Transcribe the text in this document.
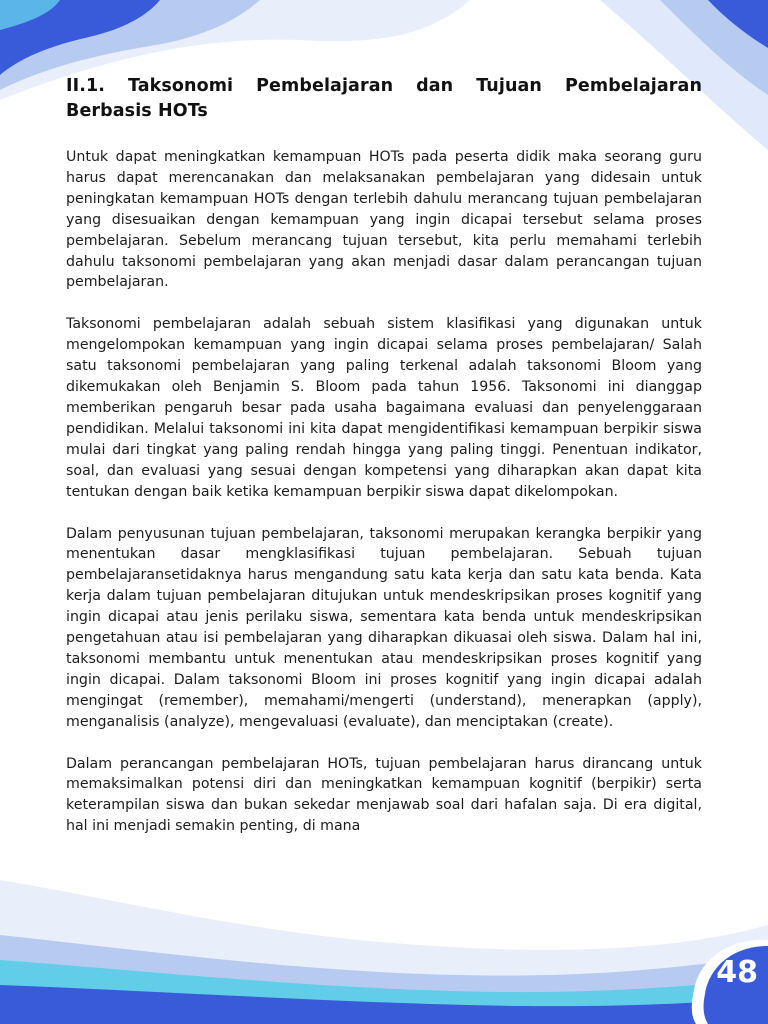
II.1. Taksonomi Pembelajaran dan Tujuan Pembelajaran Berbasis HOTs

Untuk dapat meningkatkan kemampuan HOTs pada peserta didik maka seorang guru harus dapat merencanakan dan melaksanakan pembelajaran yang didesain untuk peningkatan kemampuan HOTs dengan terlebih dahulu merancang tujuan pembelajaran yang disesuaikan dengan kemampuan yang ingin dicapai tersebut selama proses pembelajaran. Sebelum merancang tujuan tersebut, kita perlu memahami terlebih dahulu taksonomi pembelajaran yang akan menjadi dasar dalam perancangan tujuan pembelajaran.

Taksonomi pembelajaran adalah sebuah sistem klasifikasi yang digunakan untuk mengelompokan kemampuan yang ingin dicapai selama proses pembelajaran/ Salah satu taksonomi pembelajaran yang paling terkenal adalah taksonomi Bloom yang dikemukakan oleh Benjamin S. Bloom pada tahun 1956. Taksonomi ini dianggap memberikan pengaruh besar pada usaha bagaimana evaluasi dan penyelenggaraan pendidikan. Melalui taksonomi ini kita dapat mengidentifikasi kemampuan berpikir siswa mulai dari tingkat yang paling rendah hingga yang paling tinggi. Penentuan indikator, soal, dan evaluasi yang sesuai dengan kompetensi yang diharapkan akan dapat kita tentukan dengan baik ketika kemampuan berpikir siswa dapat dikelompokan.

Dalam penyusunan tujuan pembelajaran, taksonomi merupakan kerangka berpikir yang menentukan dasar mengklasifikasi tujuan pembelajaran. Sebuah tujuan pembelajaransetidaknya harus mengandung satu kata kerja dan satu kata benda. Kata kerja dalam tujuan pembelajaran ditujukan untuk mendeskripsikan proses kognitif yang ingin dicapai atau jenis perilaku siswa, sementara kata benda untuk mendeskripsikan pengetahuan atau isi pembelajaran yang diharapkan dikuasai oleh siswa. Dalam hal ini, taksonomi membantu untuk menentukan atau mendeskripsikan proses kognitif yang ingin dicapai. Dalam taksonomi Bloom ini proses kognitif yang ingin dicapai adalah mengingat (remember), memahami/mengerti (understand), menerapkan (apply), menganalisis (analyze), mengevaluasi (evaluate), dan menciptakan (create).

Dalam perancangan pembelajaran HOTs, tujuan pembelajaran harus dirancang untuk memaksimalkan potensi diri dan meningkatkan kemampuan kognitif (berpikir) serta keterampilan siswa dan bukan sekedar menjawab soal dari hafalan saja. Di era digital, hal ini menjadi semakin penting, di mana

48
